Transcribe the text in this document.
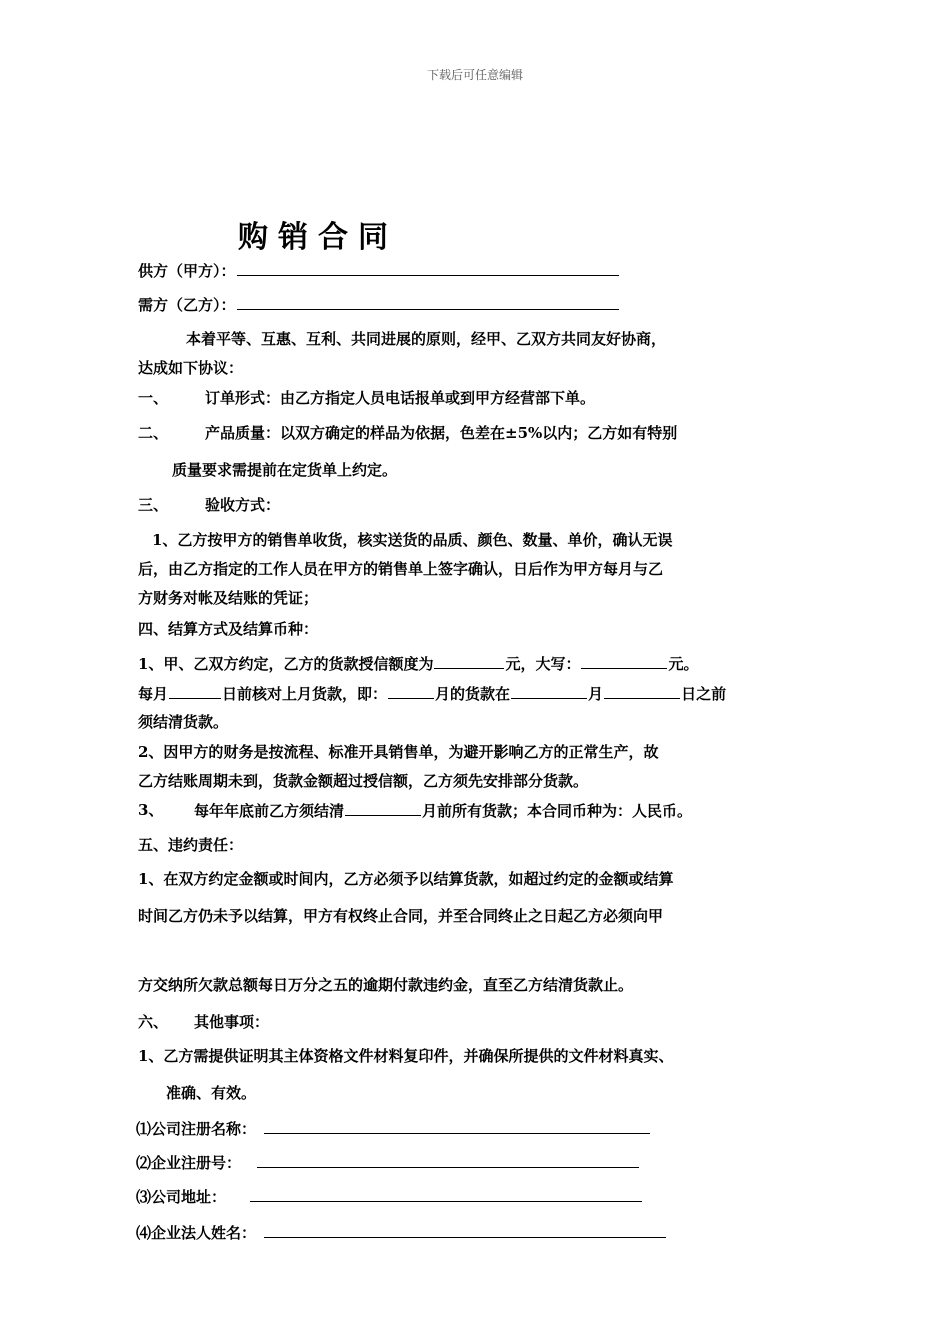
下载后可任意编辑
购销合同
供方（甲方）：
需方（乙方）：
本着平等、互惠、互利、共同进展的原则，经甲、乙双方共同友好协商，
达成如下协议：
一、 订单形式：由乙方指定人员电话报单或到甲方经营部下单。
二、 产品质量：以双方确定的样品为依据，色差在±5%以内；乙方如有特别
质量要求需提前在定货单上约定。
三、 验收方式：
1、乙方按甲方的销售单收货，核实送货的品质、颜色、数量、单价，确认无误
后，由乙方指定的工作人员在甲方的销售单上签字确认，日后作为甲方每月与乙
方财务对帐及结账的凭证；
四、结算方式及结算币种：
1、甲、乙双方约定，乙方的货款授信额度为	元，大写：	元。
每月	日前核对上月货款，即：	月的货款在	月	日之前
须结清货款。
2、因甲方的财务是按流程、标准开具销售单，为避开影响乙方的正常生产，故
乙方结账周期未到，货款金额超过授信额，乙方须先安排部分货款。
3、 每年年底前乙方须结清	月前所有货款；本合同币种为：人民币。
五、违约责任：
1、在双方约定金额或时间内，乙方必须予以结算货款，如超过约定的金额或结算
时间乙方仍未予以结算，甲方有权终止合同，并至合同终止之日起乙方必须向甲
方交纳所欠款总额每日万分之五的逾期付款违约金，直至乙方结清货款止。
六、 其他事项：
1、乙方需提供证明其主体资格文件材料复印件，并确保所提供的文件材料真实、
准确、有效。
⑴公司注册名称：
⑵企业注册号：
⑶公司地址：
⑷企业法人姓名：
